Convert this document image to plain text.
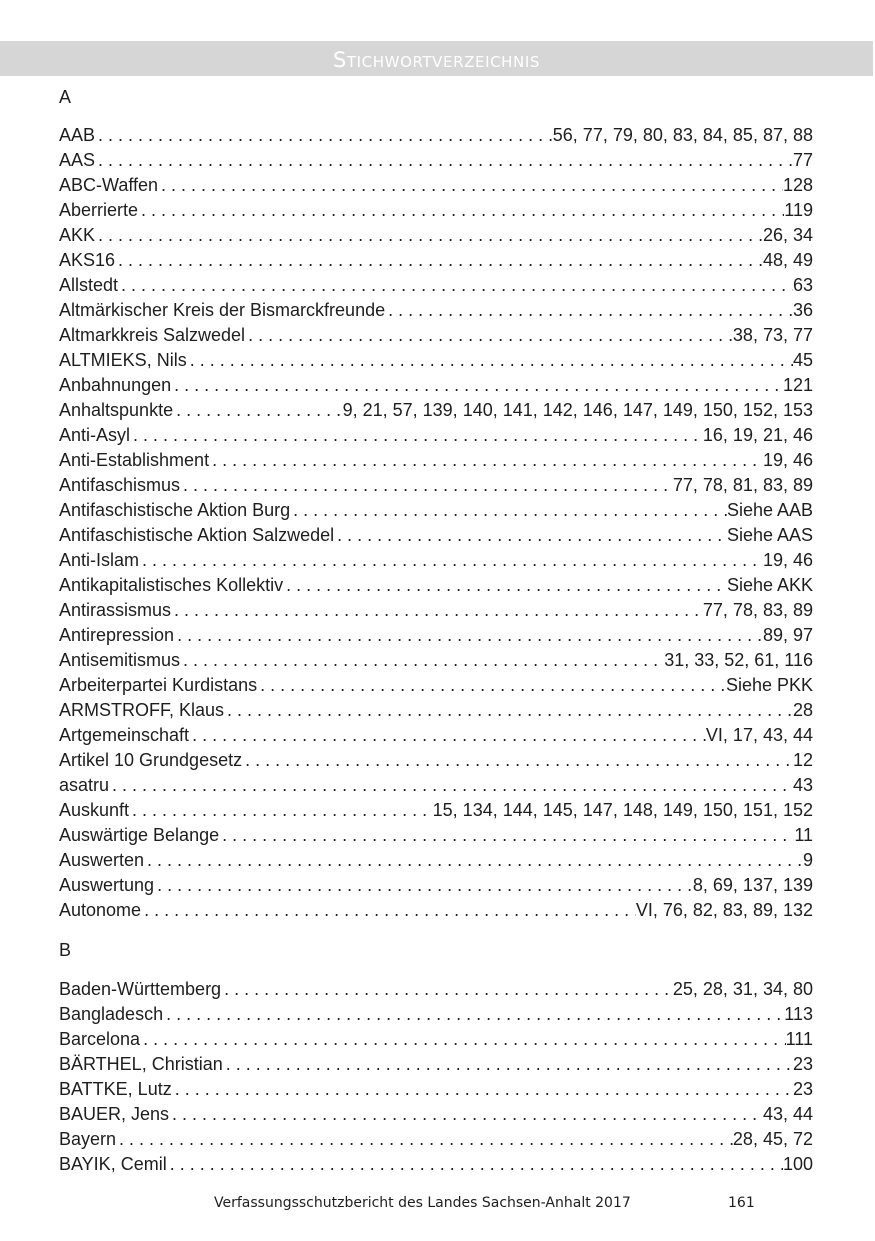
Stichwortverzeichnis
A
AAB . . .	56, 77, 79, 80, 83, 84, 85, 87, 88
AAS . . .	77
ABC-Waffen . . .	128
Aberrierte . . .	119
AKK . . .	26, 34
AKS16 . . .	48, 49
Allstedt . . .	63
Altmärkischer Kreis der Bismarckfreunde . . .	36
Altmarkkreis Salzwedel . . .	38, 73, 77
ALTMIEKS, Nils . . .	45
Anbahnungen . . .	121
Anhaltspunkte . . .	9, 21, 57, 139, 140, 141, 142, 146, 147, 149, 150, 152, 153
Anti-Asyl . . .	16, 19, 21, 46
Anti-Establishment . . .	19, 46
Antifaschismus . . .	77, 78, 81, 83, 89
Antifaschistische Aktion Burg . . .	Siehe AAB
Antifaschistische Aktion Salzwedel . . .	Siehe AAS
Anti-Islam . . .	19, 46
Antikapitalistisches Kollektiv . . .	Siehe AKK
Antirassismus . . .	77, 78, 83, 89
Antirepression . . .	89, 97
Antisemitismus . . .	31, 33, 52, 61, 116
Arbeiterpartei Kurdistans . . .	Siehe PKK
ARMSTROFF, Klaus . . .	28
Artgemeinschaft . . .	VI, 17, 43, 44
Artikel 10 Grundgesetz . . .	12
asatru . . .	43
Auskunft . . .	15, 134, 144, 145, 147, 148, 149, 150, 151, 152
Auswärtige Belange . . .	11
Auswerten . . .	9
Auswertung . . .	8, 69, 137, 139
Autonome . . .	VI, 76, 82, 83, 89, 132
B
Baden-Württemberg . . .	25, 28, 31, 34, 80
Bangladesch . . .	113
Barcelona . . .	111
BÄRTHEL, Christian . . .	23
BATTKE, Lutz . . .	23
BAUER, Jens . . .	43, 44
Bayern . . .	28, 45, 72
BAYIK, Cemil . . .	100
Verfassungsschutzbericht des Landes Sachsen-Anhalt 2017	161
